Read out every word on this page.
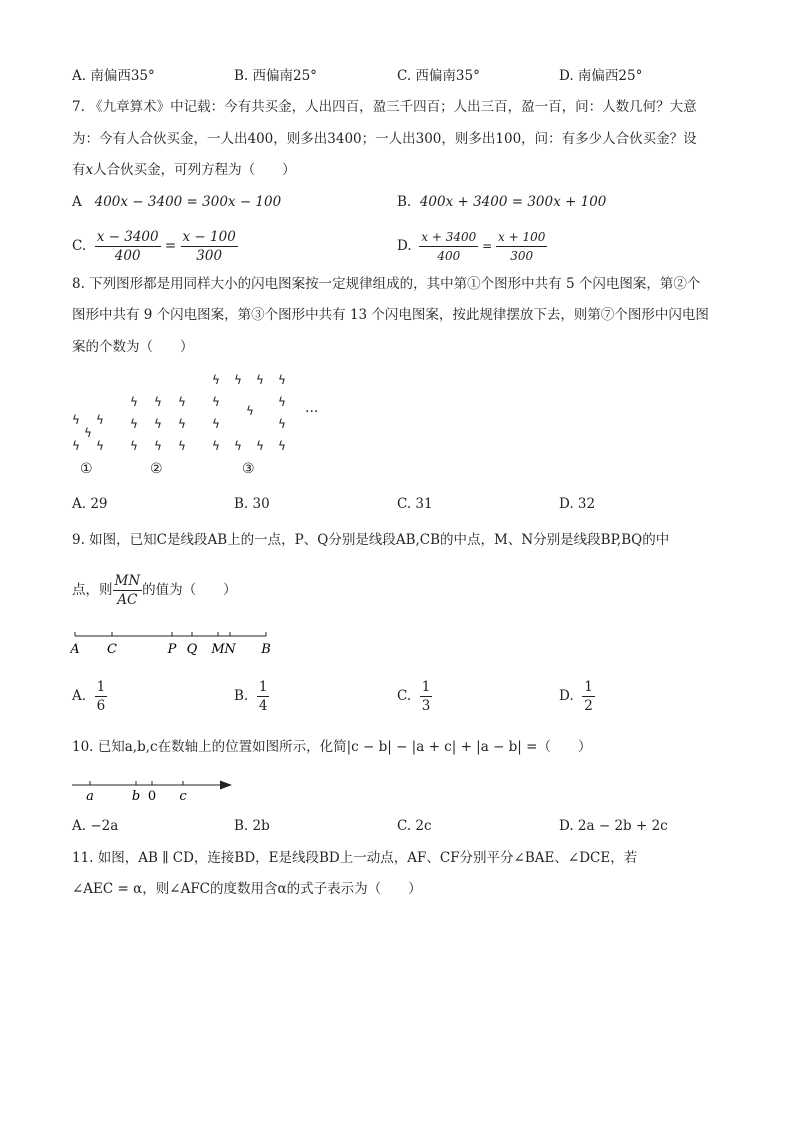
A. 南偏西35°	B. 西偏南25°	C. 西偏南35°	D. 南偏西25°
7. 《九章算术》中记载：今有共买金，人出四百，盈三千四百；人出三百，盈一百，问：人数几何？大意
为：今有人合伙买金，一人出400，则多出3400；一人出300，则多出100，问：有多少人合伙买金？设
有x人合伙买金，可列方程为（　　）
A 400x − 3400 = 300x − 100	B. 400x + 3400 = 300x + 100
C. $\frac{x - 3400}{400} = \frac{x - 100}{300}$	D. $\frac{x + 3400}{400} = \frac{x + 100}{300}$
8. 下列图形都是用同样大小的闪电图案按一定规律组成的，其中第①个图形中共有 5 个闪电图案，第②个
图形中共有 9 个闪电图案，第③个图形中共有 13 个闪电图案，按此规律摆放下去，则第⑦个图形中闪电图
案的个数为（　　）
ϟ ϟ
ϟ
ϟ ϟ
ϟ ϟ ϟ
ϟ ϟ ϟ
ϟ ϟ ϟ
ϟ ϟ ϟ ϟ
ϟ	ϟ
ϟ
ϟ	ϟ
ϟ ϟ ϟ ϟ
①	②	③
···
A. 29	B. 30	C. 31	D. 32
9. 如图，已知C是线段AB上的一点，P、Q分别是线段AB,CB的中点，M、N分别是线段BP,BQ的中
点，则 $\frac{MN}{AC}$ 的值为（　　）
A C	P Q M N B
A. $\frac{1}{6}$	B. $\frac{1}{4}$	C. $\frac{1}{3}$	D. $\frac{1}{2}$
10. 已知a,b,c在数轴上的位置如图所示，化简|c − b| − |a + c| + |a − b| =（　　）
a	b 0 c
A. −2a	B. 2b	C. 2c	D. 2a − 2b + 2c
11. 如图，AB ∥ CD，连接BD，E是线段BD上一动点，AF、CF分别平分∠BAE、∠DCE，若
∠AEC = α，则∠AFC的度数用含α的式子表示为（　　）
